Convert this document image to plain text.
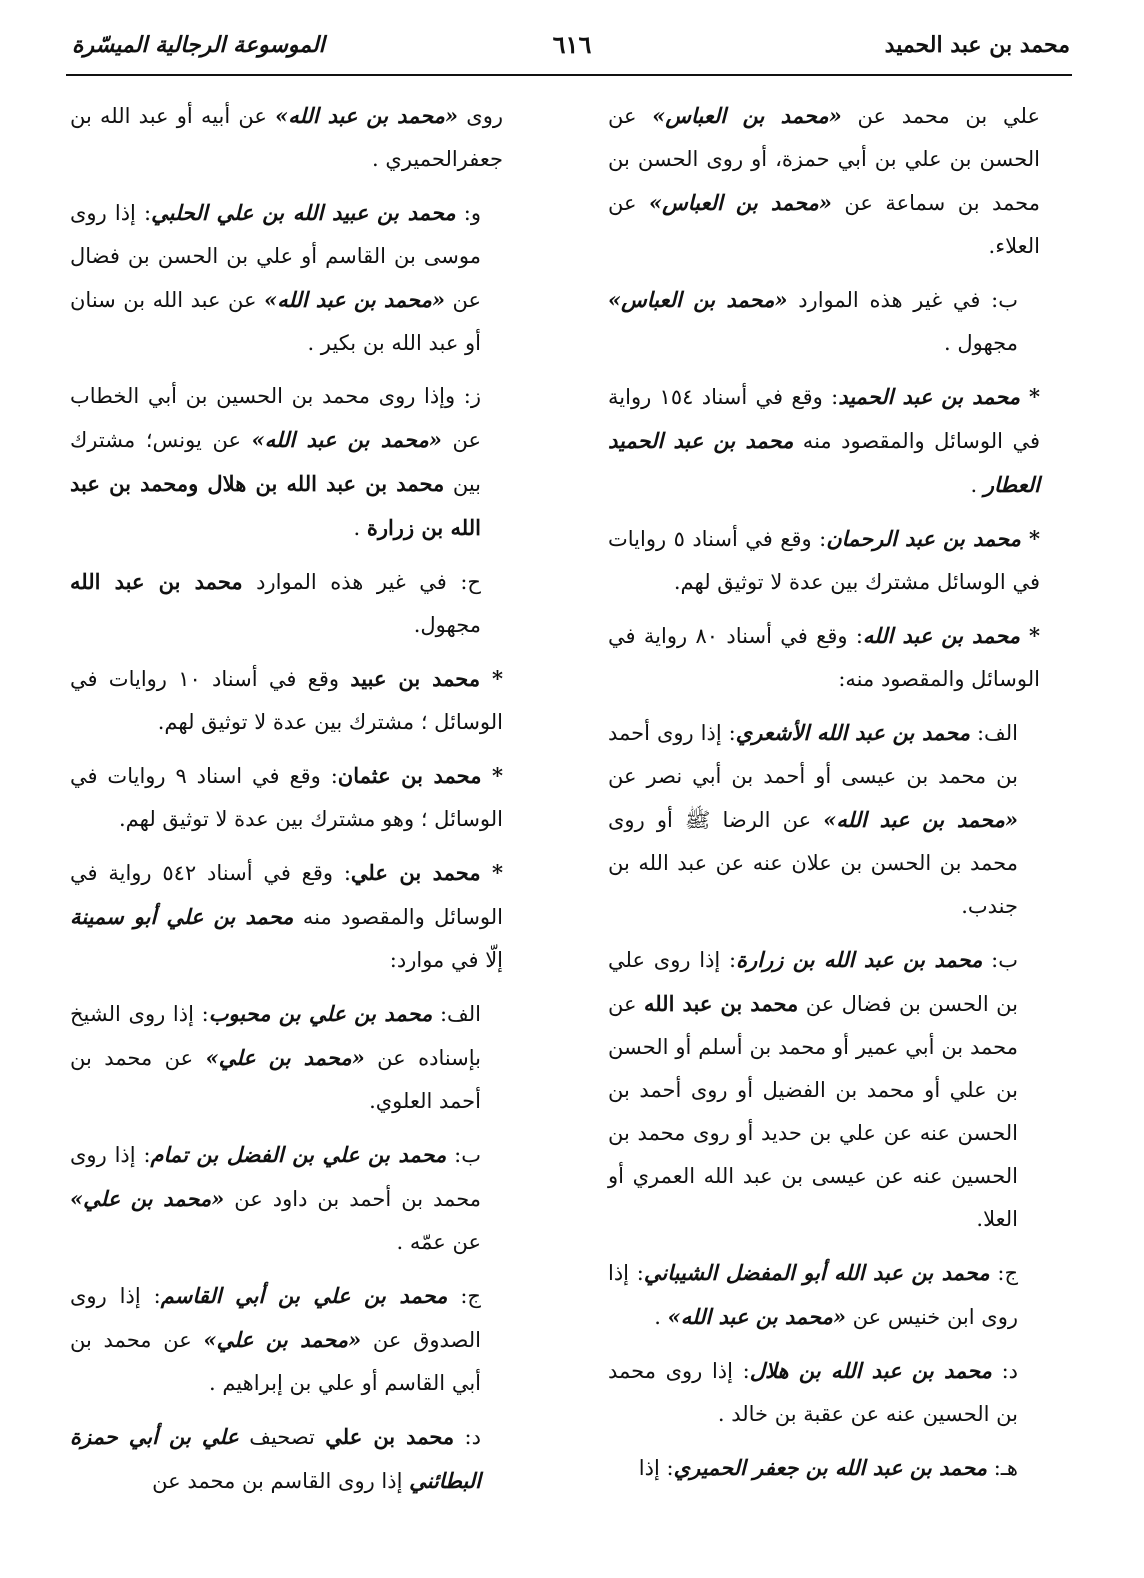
محمد بن عبد الحميد
٦١٦
الموسوعة الرجالية الميسّرة

علي بن محمد عن «محمد بن العباس» عن الحسن بن علي بن أبي حمزة، أو روى الحسن بن محمد بن سماعة عن «محمد بن العباس» عن العلاء.

ب: في غير هذه الموارد «محمد بن العباس» مجهول .

* محمد بن عبد الحميد: وقع في أسناد ١٥٤ رواية في الوسائل والمقصود منه محمد بن عبد الحميد العطار .

* محمد بن عبد الرحمان: وقع في أسناد ٥ روايات في الوسائل مشترك بين عدة لا توثيق لهم.

* محمد بن عبد الله: وقع في أسناد ٨٠ رواية في الوسائل والمقصود منه:

الف: محمد بن عبد الله الأشعري: إذا روى أحمد بن محمد بن عيسى أو أحمد بن أبي نصر عن «محمد بن عبد الله» عن الرضا ﷺ أو روى محمد بن الحسن بن علان عنه عن عبد الله بن جندب.

ب: محمد بن عبد الله بن زرارة: إذا روى علي بن الحسن بن فضال عن محمد بن عبد الله عن محمد بن أبي عمير أو محمد بن أسلم أو الحسن بن علي أو محمد بن الفضيل أو روى أحمد بن الحسن عنه عن علي بن حديد أو روى محمد بن الحسين عنه عن عيسى بن عبد الله العمري أو العلا.

ج: محمد بن عبد الله أبو المفضل الشيباني: إذا روى ابن خنيس عن «محمد بن عبد الله» .

د: محمد بن عبد الله بن هلال: إذا روى محمد بن الحسين عنه عن عقبة بن خالد .

هـ: محمد بن عبد الله بن جعفر الحميري: إذا

روى «محمد بن عبد الله» عن أبيه أو عبد الله بن جعفرالحميري .

و: محمد بن عبيد الله بن علي الحلبي: إذا روى موسى بن القاسم أو علي بن الحسن بن فضال عن «محمد بن عبد الله» عن عبد الله بن سنان أو عبد الله بن بكير .

ز: وإذا روى محمد بن الحسين بن أبي الخطاب عن «محمد بن عبد الله» عن يونس؛ مشترك بين محمد بن عبد الله بن هلال ومحمد بن عبد الله بن زرارة .

ح: في غير هذه الموارد محمد بن عبد الله مجهول.

* محمد بن عبيد وقع في أسناد ١٠ روايات في الوسائل ؛ مشترك بين عدة لا توثيق لهم.

* محمد بن عثمان: وقع في اسناد ٩ روايات في الوسائل ؛ وهو مشترك بين عدة لا توثيق لهم.

* محمد بن علي: وقع في أسناد ٥٤٢ رواية في الوسائل والمقصود منه محمد بن علي أبو سمينة إلّا في موارد:

الف: محمد بن علي بن محبوب: إذا روى الشيخ بإسناده عن «محمد بن علي» عن محمد بن أحمد العلوي.

ب: محمد بن علي بن الفضل بن تمام: إذا روى محمد بن أحمد بن داود عن «محمد بن علي» عن عمّه .

ج: محمد بن علي بن أبي القاسم: إذا روى الصدوق عن «محمد بن علي» عن محمد بن أبي القاسم أو علي بن إبراهيم .

د: محمد بن علي تصحيف علي بن أبي حمزة البطائني إذا روى القاسم بن محمد عن
